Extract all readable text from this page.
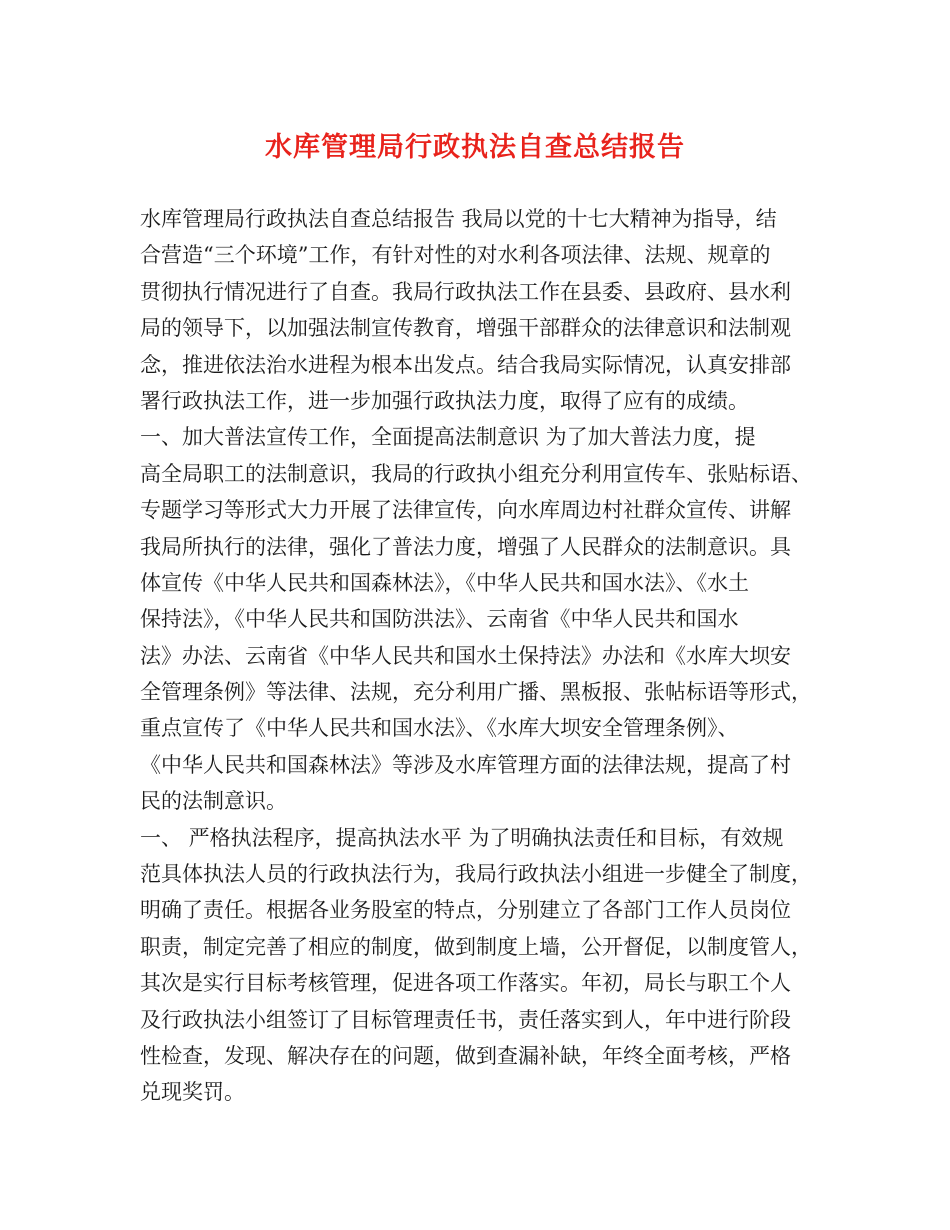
水库管理局行政执法自查总结报告
水库管理局行政执法自查总结报告 我局以党的十七大精神为指导，结
合营造“三个环境”工作，有针对性的对水利各项法律、法规、规章的
贯彻执行情况进行了自查。我局行政执法工作在县委、县政府、县水利
局的领导下，以加强法制宣传教育，增强干部群众的法律意识和法制观
念，推进依法治水进程为根本出发点。结合我局实际情况，认真安排部
署行政执法工作，进一步加强行政执法力度，取得了应有的成绩。
一、加大普法宣传工作，全面提高法制意识 为了加大普法力度，提
高全局职工的法制意识，我局的行政执小组充分利用宣传车、张贴标语、
专题学习等形式大力开展了法律宣传，向水库周边村社群众宣传、讲解
我局所执行的法律，强化了普法力度，增强了人民群众的法制意识。具
体宣传《中华人民共和国森林法》，《中华人民共和国水法》、《水土
保持法》，《中华人民共和国防洪法》、云南省《中华人民共和国水
法》办法、云南省《中华人民共和国水土保持法》办法和《水库大坝安
全管理条例》等法律、法规，充分利用广播、黑板报、张帖标语等形式，
重点宣传了《中华人民共和国水法》、《水库大坝安全管理条例》、
《中华人民共和国森林法》等涉及水库管理方面的法律法规，提高了村
民的法制意识。
一、 严格执法程序，提高执法水平 为了明确执法责任和目标，有效规
范具体执法人员的行政执法行为，我局行政执法小组进一步健全了制度，
明确了责任。根据各业务股室的特点，分别建立了各部门工作人员岗位
职责，制定完善了相应的制度，做到制度上墙，公开督促，以制度管人，
其次是实行目标考核管理，促进各项工作落实。年初，局长与职工个人
及行政执法小组签订了目标管理责任书，责任落实到人，年中进行阶段
性检查，发现、解决存在的问题，做到查漏补缺，年终全面考核，严格
兑现奖罚。
